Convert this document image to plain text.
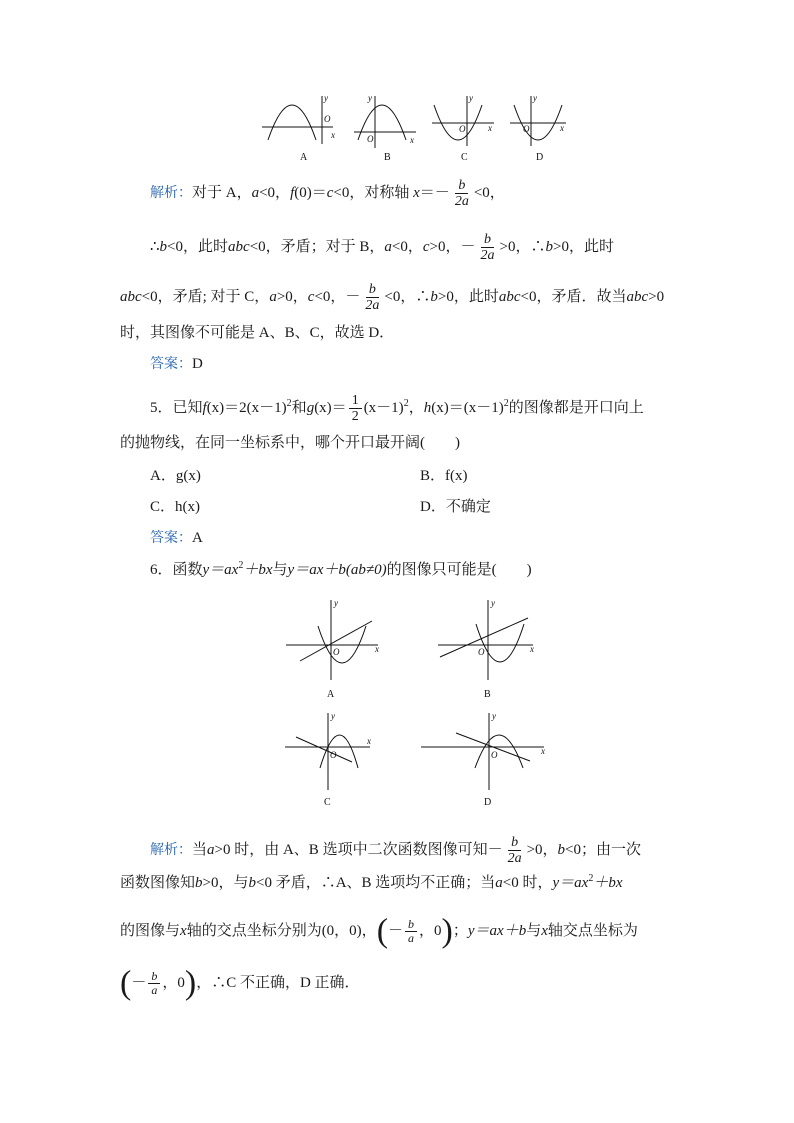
y
x
O
y
x
O
y
x
O
y
x
O
A	B	C	D
解析：对于 A，a<0，f(0)＝c<0，对称轴 $x=- \frac{b}{2a} <0$，
∴b<0，此时abc<0，矛盾；对于 B，a<0，c>0，－ $\frac{b}{2a} >0$，∴b>0，此时
abc<0，矛盾; 对于 C，a>0，c<0，－ $\frac{b}{2a} <0$，∴b>0，此时abc<0，矛盾．故当abc>0
时，其图像不可能是 A、B、C，故选 D．
答案：D
5．已知$f(x)=2(x-1)^2$和$g(x)= \frac{1}{2} (x-1)^2$，$h(x)=(x-1)^2$的图像都是开口向上
的抛物线，在同一坐标系中，哪个开口最开阔(　　)
A．g(x)	B．f(x)
C．h(x)	D．不确定
答案：A
6．函数$y=ax^2+bx$与y＝ax＋b(ab≠0)的图像只可能是(　　)
y
x
O
y
x
O
y
x
O
y
x
O
A	B
C	D
解析：当a>0 时，由 A、B 选项中二次函数图像可知－ $\frac{b}{2a} >0$，b<0；由一次
函数图像知b>0，与b<0 矛盾，∴A、B 选项均不正确；当a<0 时，$y=ax^2+bx$
的图像与x轴的交点坐标分别为(0，0)，(－ $\frac{b}{a}$ ，0)；y＝ax＋b与x轴交点坐标为
(－ $\frac{b}{a}$ ，0)，∴C 不正确，D 正确．
